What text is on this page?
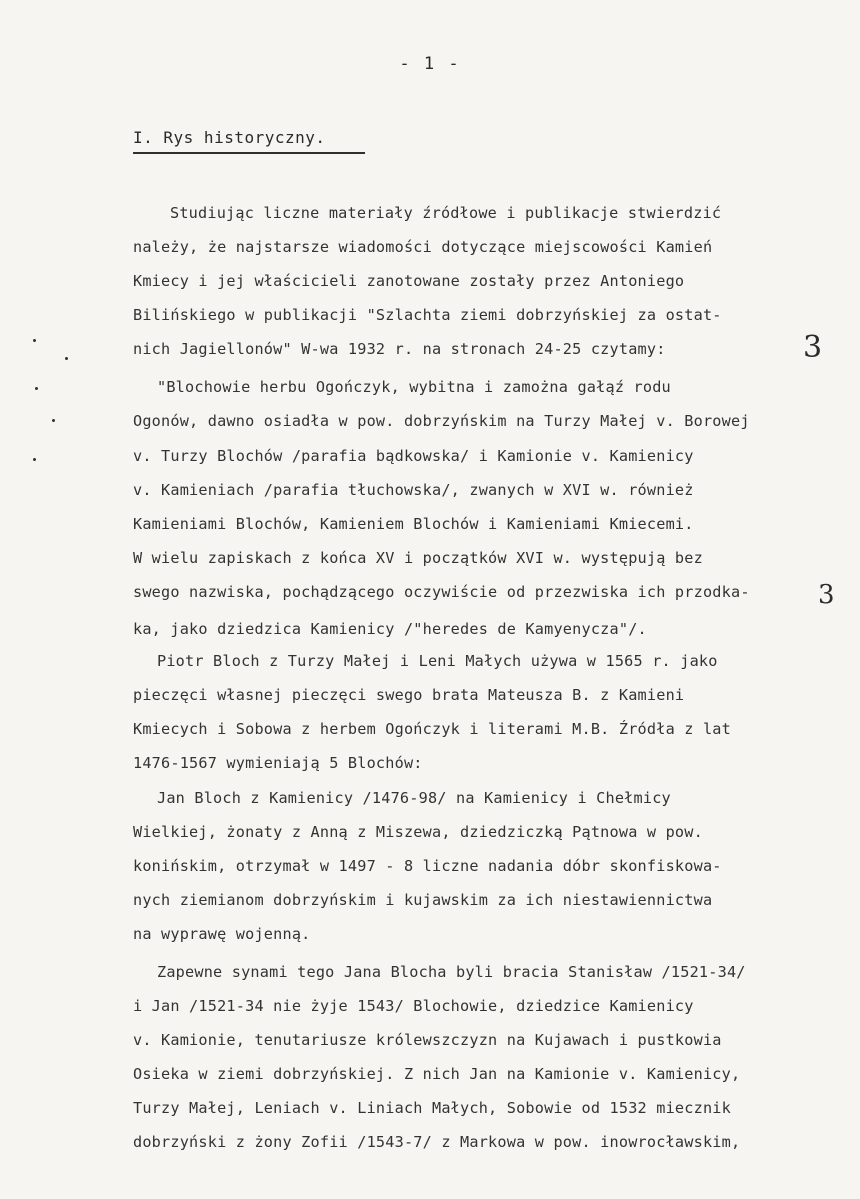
- 1 -
I. Rys historyczny.
Studiując liczne materiały źródłowe i publikacje stwierdzić
należy, że najstarsze wiadomości dotyczące miejscowości Kamień
Kmiecy i jej właścicieli zanotowane zostały przez Antoniego
Bilińskiego w publikacji "Szlachta ziemi dobrzyńskiej za ostat-
nich Jagiellonów" W-wa 1932 r. na stronach 24-25 czytamy:
"Blochowie herbu Ogończyk, wybitna i zamożna gałąź rodu
Ogonów, dawno osiadła w pow. dobrzyńskim na Turzy Małej v. Borowej
v. Turzy Blochów /parafia bądkowska/ i Kamionie v. Kamienicy
v. Kamieniach /parafia tłuchowska/, zwanych w XVI w. również
Kamieniami Blochów, Kamieniem Blochów i Kamieniami Kmiecemi.
W wielu zapiskach z końca XV i początków XVI w. występują bez
swego nazwiska, pochądzącego oczywiście od przezwiska ich przodka-
ka, jako dziedzica Kamienicy /"heredes de Kamyenycza"/.
Piotr Bloch z Turzy Małej i Leni Małych używa w 1565 r. jako
pieczęci własnej pieczęci swego brata Mateusza B. z Kamieni
Kmiecych i Sobowa z herbem Ogończyk i literami M.B. Źródła z lat
1476-1567 wymieniają 5 Blochów:
Jan Bloch z Kamienicy /1476-98/ na Kamienicy i Chełmicy
Wielkiej, żonaty z Anną z Miszewa, dziedziczką Pątnowa w pow.
konińskim, otrzymał w 1497 - 8 liczne nadania dóbr skonfiskowa-
nych ziemianom dobrzyńskim i kujawskim za ich niestawiennictwa
na wyprawę wojenną.
Zapewne synami tego Jana Blocha byli bracia Stanisław /1521-34/
i Jan /1521-34 nie żyje 1543/ Blochowie, dziedzice Kamienicy
v. Kamionie, tenutariusze królewszczyzn na Kujawach i pustkowia
Osieka w ziemi dobrzyńskiej. Z nich Jan na Kamionie v. Kamienicy,
Turzy Małej, Leniach v. Liniach Małych, Sobowie od 1532 miecznik
dobrzyński z żony Zofii /1543-7/ z Markowa w pow. inowrocławskim,
3
3
